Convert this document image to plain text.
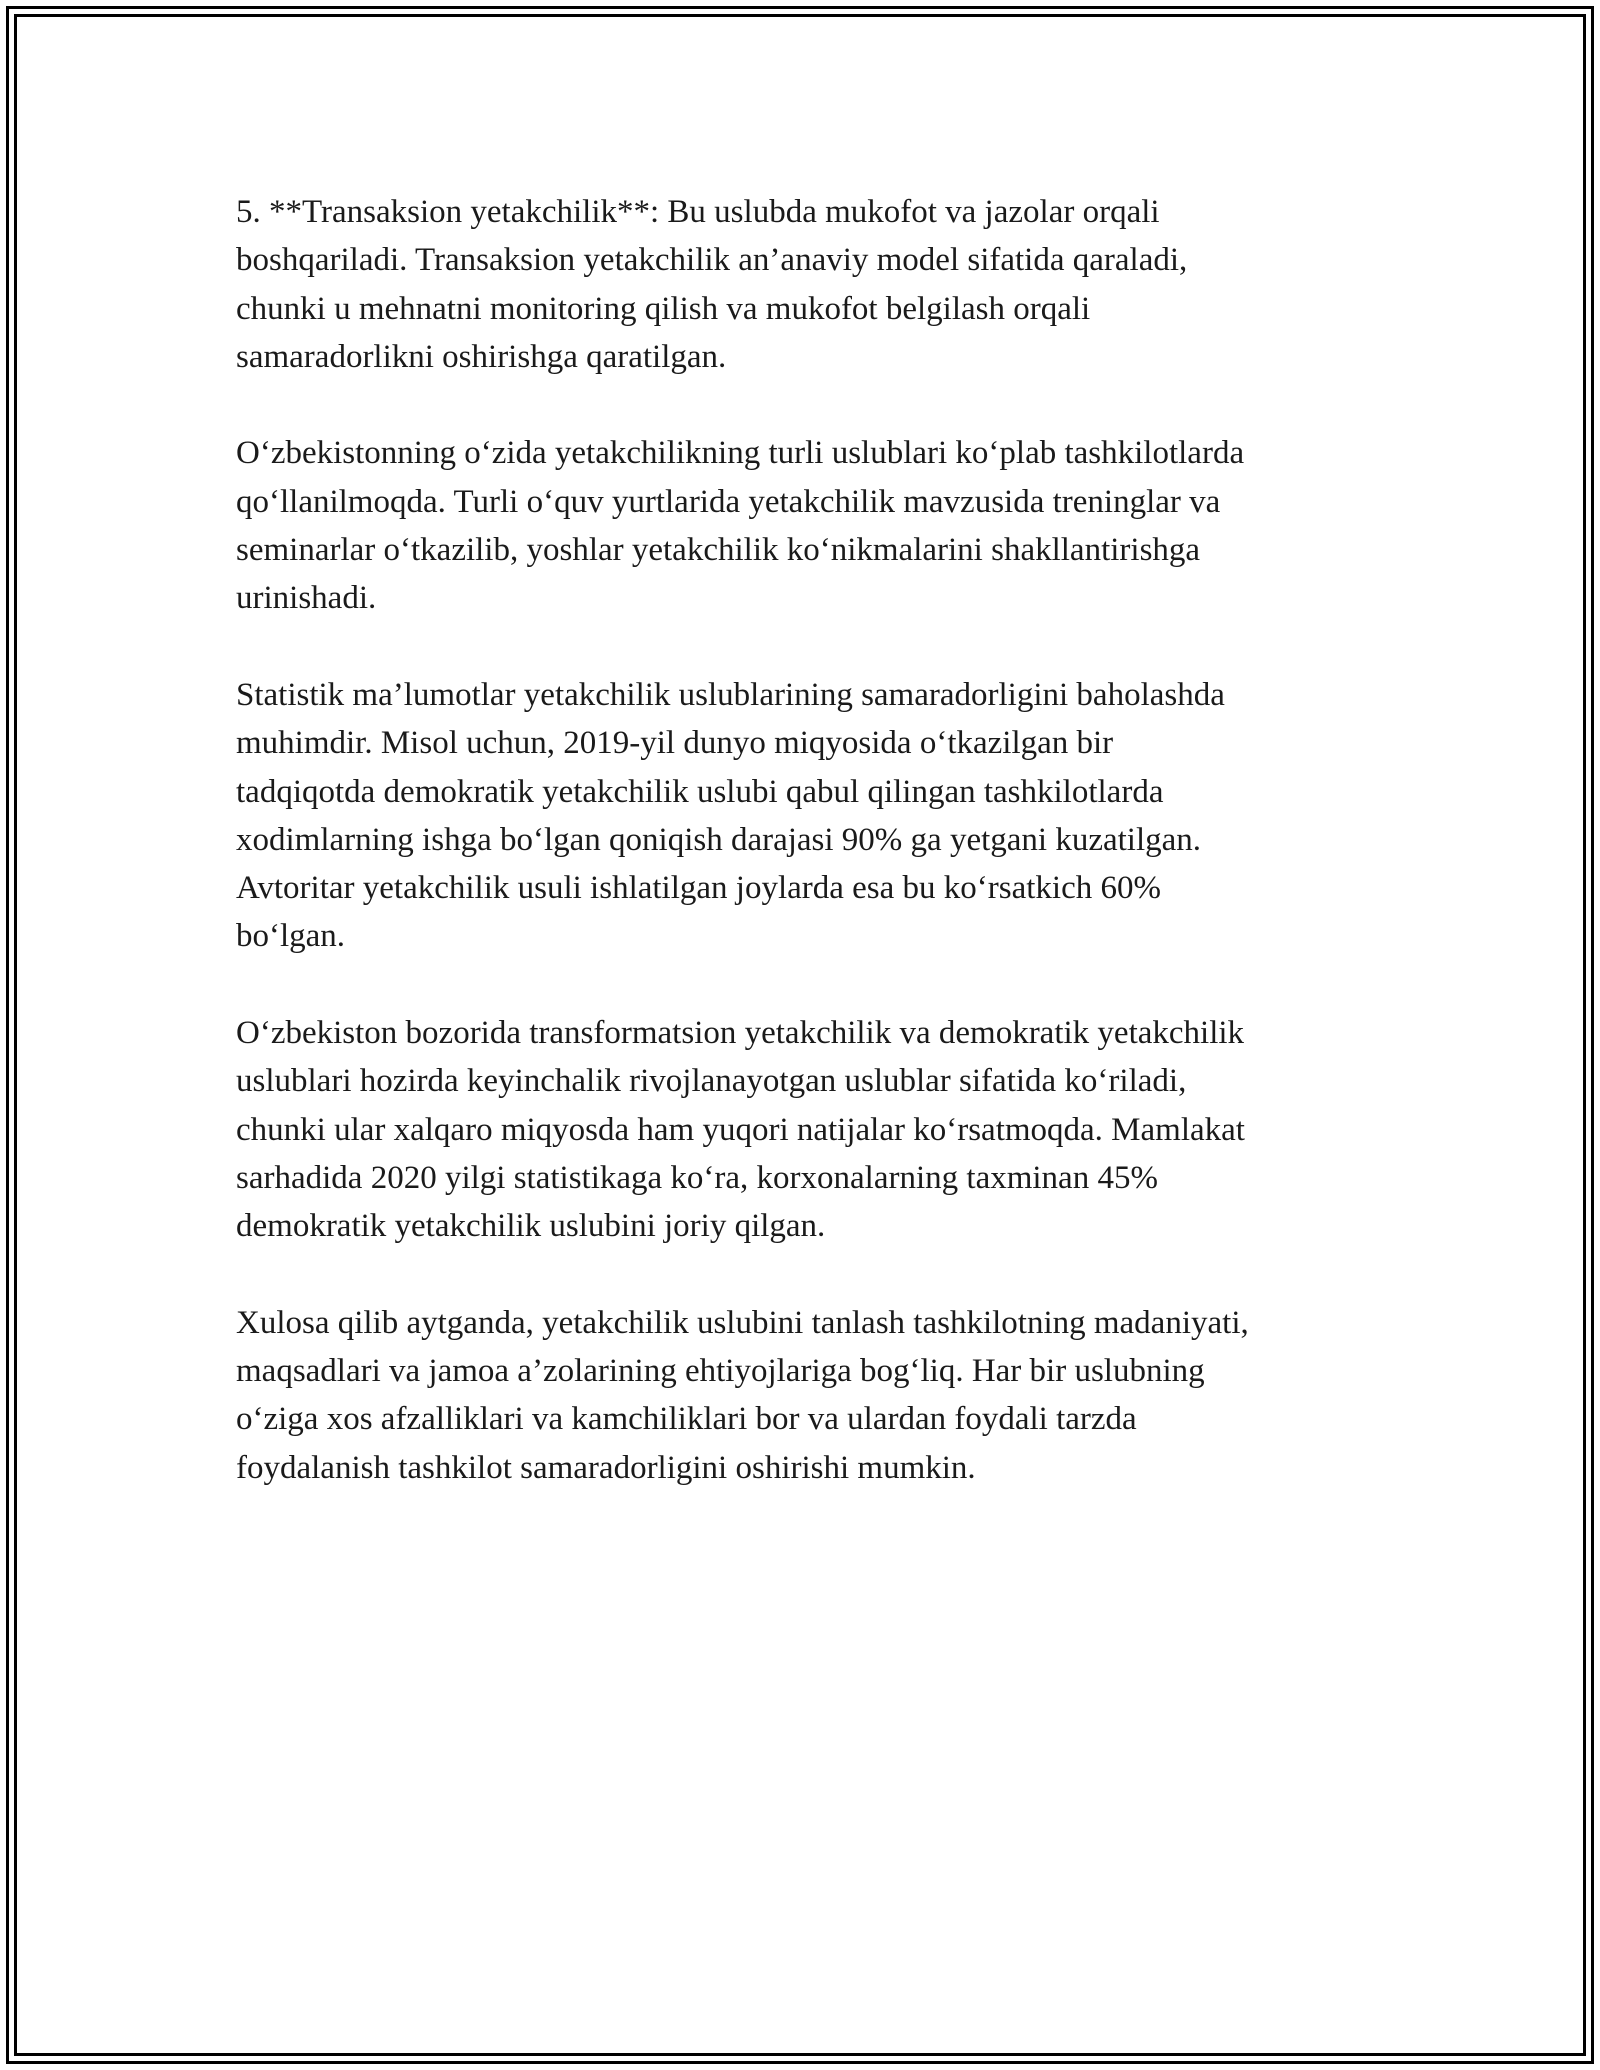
5. **Transaksion yetakchilik**: Bu uslubda mukofot va jazolar orqali
boshqariladi. Transaksion yetakchilik an’anaviy model sifatida qaraladi,
chunki u mehnatni monitoring qilish va mukofot belgilash orqali
samaradorlikni oshirishga qaratilgan.

O‘zbekistonning o‘zida yetakchilikning turli uslublari ko‘plab tashkilotlarda
qo‘llanilmoqda. Turli o‘quv yurtlarida yetakchilik mavzusida treninglar va
seminarlar o‘tkazilib, yoshlar yetakchilik ko‘nikmalarini shakllantirishga
urinishadi.

Statistik ma’lumotlar yetakchilik uslublarining samaradorligini baholashda
muhimdir. Misol uchun, 2019-yil dunyo miqyosida o‘tkazilgan bir
tadqiqotda demokratik yetakchilik uslubi qabul qilingan tashkilotlarda
xodimlarning ishga bo‘lgan qoniqish darajasi 90% ga yetgani kuzatilgan.
Avtoritar yetakchilik usuli ishlatilgan joylarda esa bu ko‘rsatkich 60%
bo‘lgan.

O‘zbekiston bozorida transformatsion yetakchilik va demokratik yetakchilik
uslublari hozirda keyinchalik rivojlanayotgan uslublar sifatida ko‘riladi,
chunki ular xalqaro miqyosda ham yuqori natijalar ko‘rsatmoqda. Mamlakat
sarhadida 2020 yilgi statistikaga ko‘ra, korxonalarning taxminan 45%
demokratik yetakchilik uslubini joriy qilgan.

Xulosa qilib aytganda, yetakchilik uslubini tanlash tashkilotning madaniyati,
maqsadlari va jamoa a’zolarining ehtiyojlariga bog‘liq. Har bir uslubning
o‘ziga xos afzalliklari va kamchiliklari bor va ulardan foydali tarzda
foydalanish tashkilot samaradorligini oshirishi mumkin.
